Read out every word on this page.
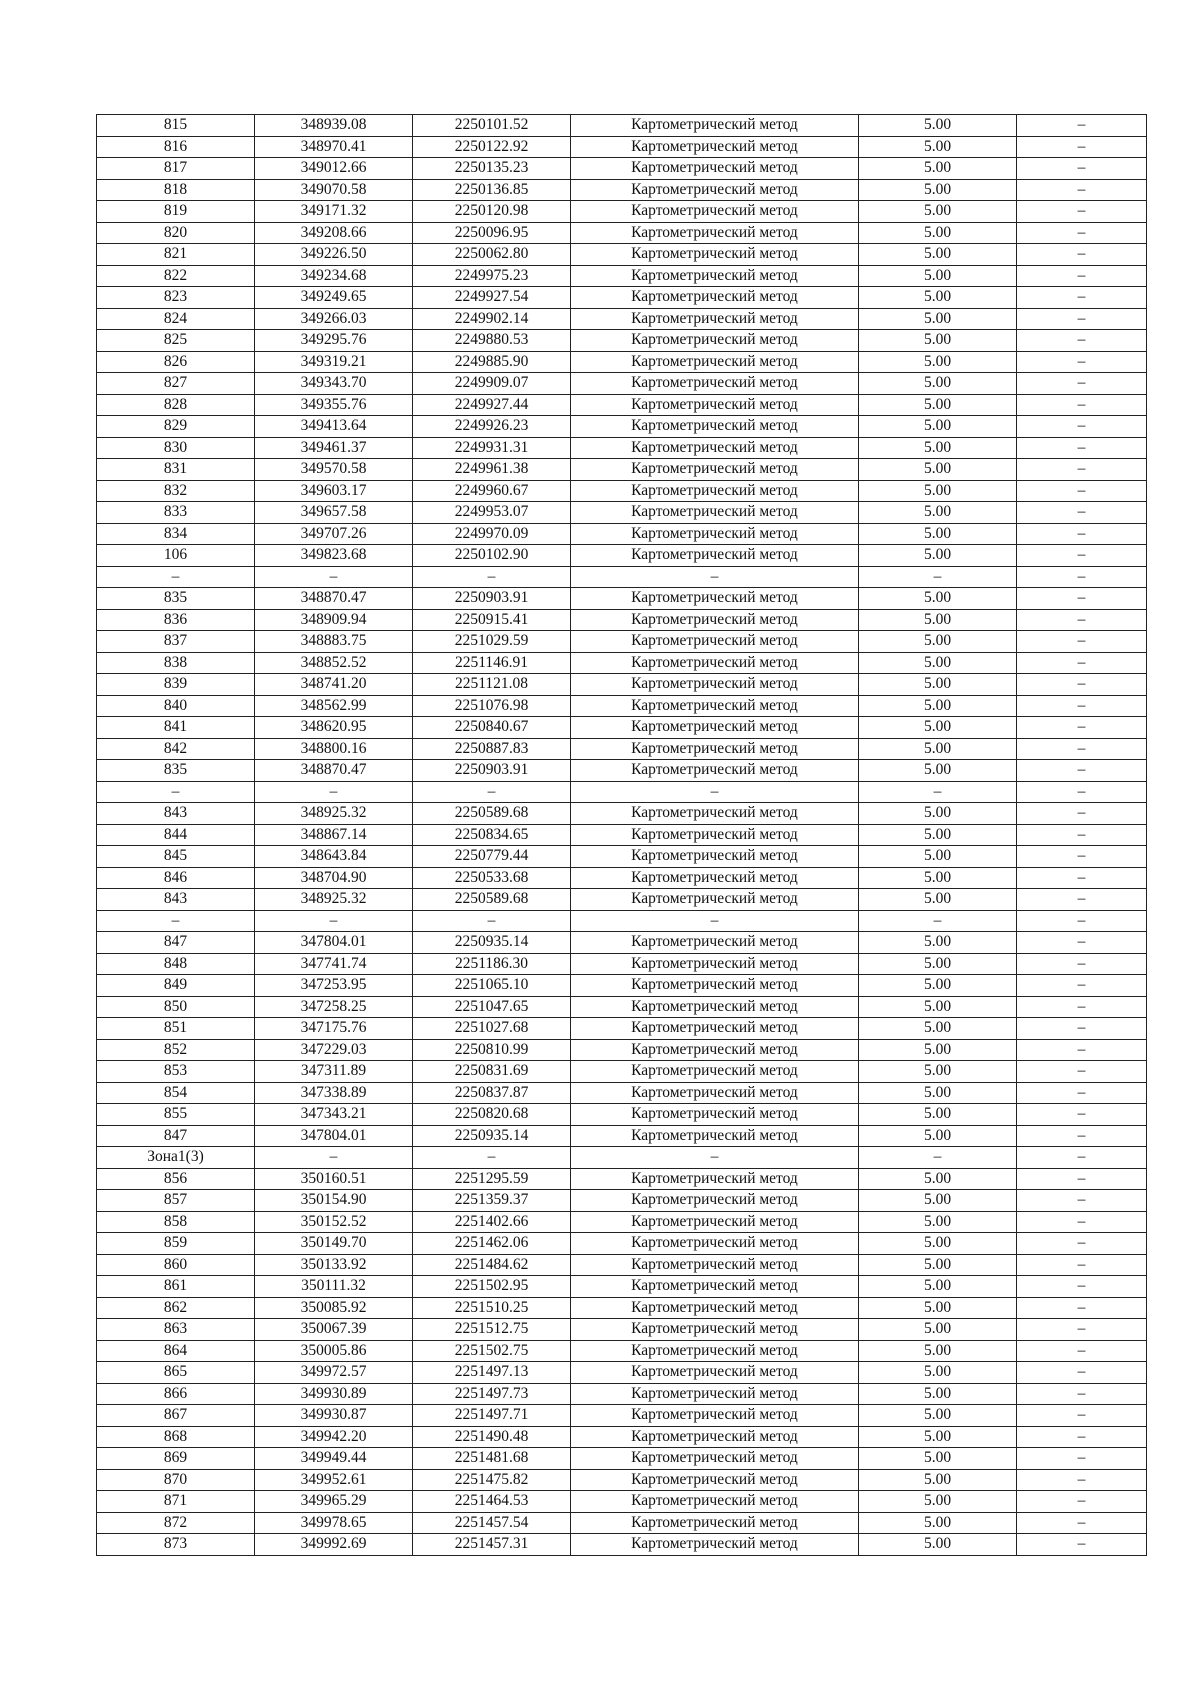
815	348939.08	2250101.52	Картометрический метод	5.00	–
816	348970.41	2250122.92	Картометрический метод	5.00	–
817	349012.66	2250135.23	Картометрический метод	5.00	–
818	349070.58	2250136.85	Картометрический метод	5.00	–
819	349171.32	2250120.98	Картометрический метод	5.00	–
820	349208.66	2250096.95	Картометрический метод	5.00	–
821	349226.50	2250062.80	Картометрический метод	5.00	–
822	349234.68	2249975.23	Картометрический метод	5.00	–
823	349249.65	2249927.54	Картометрический метод	5.00	–
824	349266.03	2249902.14	Картометрический метод	5.00	–
825	349295.76	2249880.53	Картометрический метод	5.00	–
826	349319.21	2249885.90	Картометрический метод	5.00	–
827	349343.70	2249909.07	Картометрический метод	5.00	–
828	349355.76	2249927.44	Картометрический метод	5.00	–
829	349413.64	2249926.23	Картометрический метод	5.00	–
830	349461.37	2249931.31	Картометрический метод	5.00	–
831	349570.58	2249961.38	Картометрический метод	5.00	–
832	349603.17	2249960.67	Картометрический метод	5.00	–
833	349657.58	2249953.07	Картометрический метод	5.00	–
834	349707.26	2249970.09	Картометрический метод	5.00	–
106	349823.68	2250102.90	Картометрический метод	5.00	–
–	–	–	–	–	–
835	348870.47	2250903.91	Картометрический метод	5.00	–
836	348909.94	2250915.41	Картометрический метод	5.00	–
837	348883.75	2251029.59	Картометрический метод	5.00	–
838	348852.52	2251146.91	Картометрический метод	5.00	–
839	348741.20	2251121.08	Картометрический метод	5.00	–
840	348562.99	2251076.98	Картометрический метод	5.00	–
841	348620.95	2250840.67	Картометрический метод	5.00	–
842	348800.16	2250887.83	Картометрический метод	5.00	–
835	348870.47	2250903.91	Картометрический метод	5.00	–
–	–	–	–	–	–
843	348925.32	2250589.68	Картометрический метод	5.00	–
844	348867.14	2250834.65	Картометрический метод	5.00	–
845	348643.84	2250779.44	Картометрический метод	5.00	–
846	348704.90	2250533.68	Картометрический метод	5.00	–
843	348925.32	2250589.68	Картометрический метод	5.00	–
–	–	–	–	–	–
847	347804.01	2250935.14	Картометрический метод	5.00	–
848	347741.74	2251186.30	Картометрический метод	5.00	–
849	347253.95	2251065.10	Картометрический метод	5.00	–
850	347258.25	2251047.65	Картометрический метод	5.00	–
851	347175.76	2251027.68	Картометрический метод	5.00	–
852	347229.03	2250810.99	Картометрический метод	5.00	–
853	347311.89	2250831.69	Картометрический метод	5.00	–
854	347338.89	2250837.87	Картометрический метод	5.00	–
855	347343.21	2250820.68	Картометрический метод	5.00	–
847	347804.01	2250935.14	Картометрический метод	5.00	–
Зона1(3)	–	–	–	–	–
856	350160.51	2251295.59	Картометрический метод	5.00	–
857	350154.90	2251359.37	Картометрический метод	5.00	–
858	350152.52	2251402.66	Картометрический метод	5.00	–
859	350149.70	2251462.06	Картометрический метод	5.00	–
860	350133.92	2251484.62	Картометрический метод	5.00	–
861	350111.32	2251502.95	Картометрический метод	5.00	–
862	350085.92	2251510.25	Картометрический метод	5.00	–
863	350067.39	2251512.75	Картометрический метод	5.00	–
864	350005.86	2251502.75	Картометрический метод	5.00	–
865	349972.57	2251497.13	Картометрический метод	5.00	–
866	349930.89	2251497.73	Картометрический метод	5.00	–
867	349930.87	2251497.71	Картометрический метод	5.00	–
868	349942.20	2251490.48	Картометрический метод	5.00	–
869	349949.44	2251481.68	Картометрический метод	5.00	–
870	349952.61	2251475.82	Картометрический метод	5.00	–
871	349965.29	2251464.53	Картометрический метод	5.00	–
872	349978.65	2251457.54	Картометрический метод	5.00	–
873	349992.69	2251457.31	Картометрический метод	5.00	–
